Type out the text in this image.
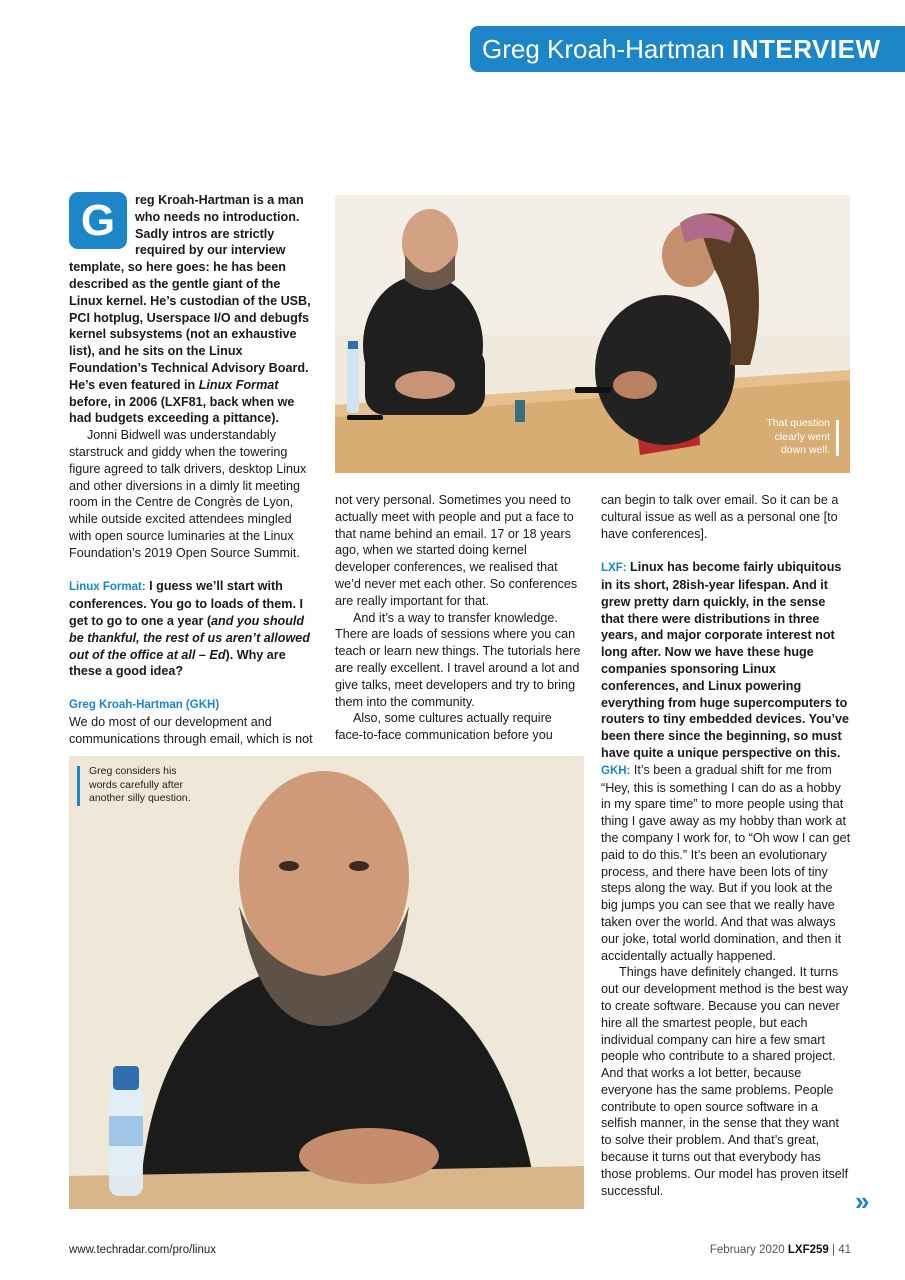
Greg Kroah-Hartman INTERVIEW
That question clearly went down well.
Greg considers his words carefully after another silly question.
G	reg Kroah-Hartman is a man who needs no introduction. Sadly intros are strictly required by our interview template, so here goes: he has been described as the gentle giant of the Linux kernel. He’s custodian of the USB, PCI hotplug, Userspace I/O and debugfs kernel subsystems (not an exhaustive list), and he sits on the Linux Foundation’s Technical Advisory Board. He’s even featured in Linux Format before, in 2006 (LXF81, back when we had budgets exceeding a pittance).

Jonni Bidwell was understandably starstruck and giddy when the towering figure agreed to talk drivers, desktop Linux and other diversions in a dimly lit meeting room in the Centre de Congrès de Lyon, while outside excited attendees mingled with open source luminaries at the Linux Foundation’s 2019 Open Source Summit.

Linux Format: I guess we’ll start with conferences. You go to loads of them. I get to go to one a year (and you should be thankful, the rest of us aren’t allowed out of the office at all – Ed). Why are these a good idea?

Greg Kroah-Hartman (GKH)

We do most of our development and communications through email, which is not

not very personal. Sometimes you need to actually meet with people and put a face to that name behind an email. 17 or 18 years ago, when we started doing kernel developer conferences, we realised that we’d never met each other. So conferences are really important for that.

And it’s a way to transfer knowledge. There are loads of sessions where you can teach or learn new things. The tutorials here are really excellent. I travel around a lot and give talks, meet developers and try to bring them into the community.

Also, some cultures actually require face-to-face communication before you

can begin to talk over email. So it can be a cultural issue as well as a personal one [to have conferences].

LXF: Linux has become fairly ubiquitous in its short, 28ish-year lifespan. And it grew pretty darn quickly, in the sense that there were distributions in three years, and major corporate interest not long after. Now we have these huge companies sponsoring Linux conferences, and Linux powering everything from huge supercomputers to routers to tiny embedded devices. You’ve been there since the beginning, so must have quite a unique perspective on this.

GKH: It’s been a gradual shift for me from “Hey, this is something I can do as a hobby in my spare time” to more people using that thing I gave away as my hobby than work at the company I work for, to “Oh wow I can get paid to do this.” It’s been an evolutionary process, and there have been lots of tiny steps along the way. But if you look at the big jumps you can see that we really have taken over the world. And that was always our joke, total world domination, and then it accidentally actually happened.

Things have definitely changed. It turns out our development method is the best way to create software. Because you can never hire all the smartest people, but each individual company can hire a few smart people who contribute to a shared project. And that works a lot better, because everyone has the same problems. People contribute to open source software in a selfish manner, in the sense that they want to solve their problem. And that’s great, because it turns out that everybody has those problems. Our model has proven itself successful.	»
www.techradar.com/pro/linux	February 2020 LXF259 | 41
